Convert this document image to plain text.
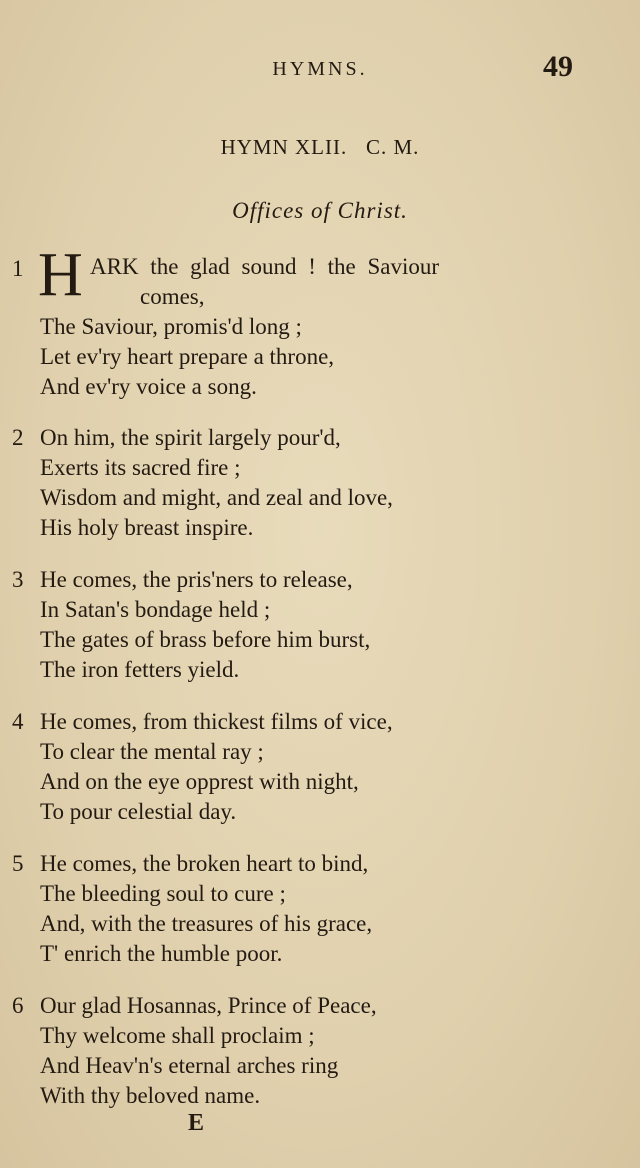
HYMNS.	49
HYMN XLII.   C. M.
Offices of Christ.
1 H ARK the glad sound ! the Saviour
comes,
The Saviour, promis'd long ;
Let ev'ry heart prepare a throne,
And ev'ry voice a song.
2 On him, the spirit largely pour'd,
Exerts its sacred fire ;
Wisdom and might, and zeal and love,
His holy breast inspire.
3 He comes, the pris'ners to release,
In Satan's bondage held ;
The gates of brass before him burst,
The iron fetters yield.
4 He comes, from thickest films of vice,
To clear the mental ray ;
And on the eye opprest with night,
To pour celestial day.
5 He comes, the broken heart to bind,
The bleeding soul to cure ;
And, with the treasures of his grace,
T' enrich the humble poor.
6 Our glad Hosannas, Prince of Peace,
Thy welcome shall proclaim ;
And Heav'n's eternal arches ring
With thy beloved name.
E
